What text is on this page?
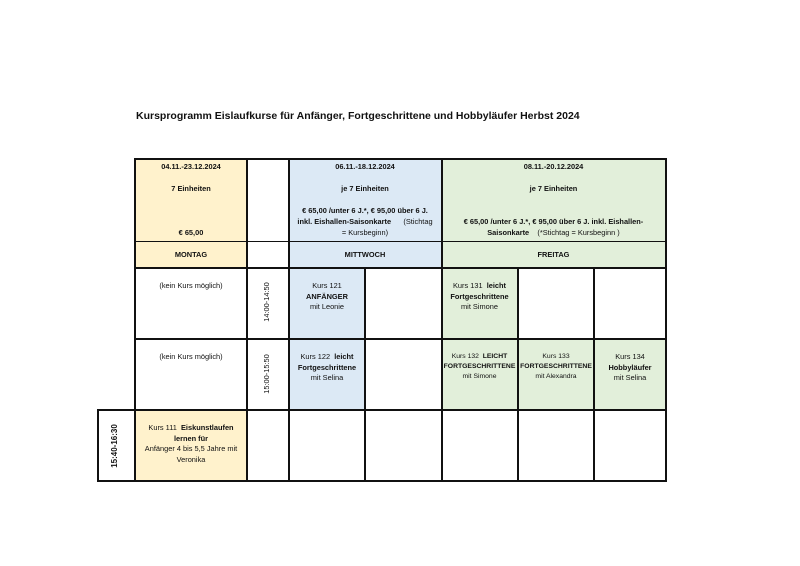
Kursprogramm Eislaufkurse für Anfänger, Fortgeschrittene und Hobbyläufer Herbst 2024
04.11.-23.12.2024
7 Einheiten
€ 65,00
06.11.-18.12.2024
je 7 Einheiten
€ 65,00 /unter 6 J.*, € 95,00 über 6 J.
inkl. Eishallen-Saisonkarte (Stichtag
= Kursbeginn)
08.11.-20.12.2024
je 7 Einheiten
€ 65,00 /unter 6 J.*, € 95,00 über 6 J. inkl. Eishallen-
Saisonkarte (*Stichtag = Kursbeginn )
MONTAG	MITTWOCH	FREITAG
14:00-14:50
15:00-15:50
15:40-16:30
(kein Kurs möglich)
(kein Kurs möglich)
Kurs 121
ANFÄNGER
mit Leonie
Kurs 131 leicht
Fortgeschrittene
mit Simone
Kurs 122 leicht
Fortgeschrittene
mit Selina
Kurs 132 LEICHT
FORTGESCHRITTENE
mit Simone
Kurs 133
FORTGESCHRITTENE
mit Alexandra
Kurs 134
Hobbyläufer
mit Selina
Kurs 111 Eiskunstlaufen
lernen für
Anfänger 4 bis 5,5 Jahre mit
Veronika
